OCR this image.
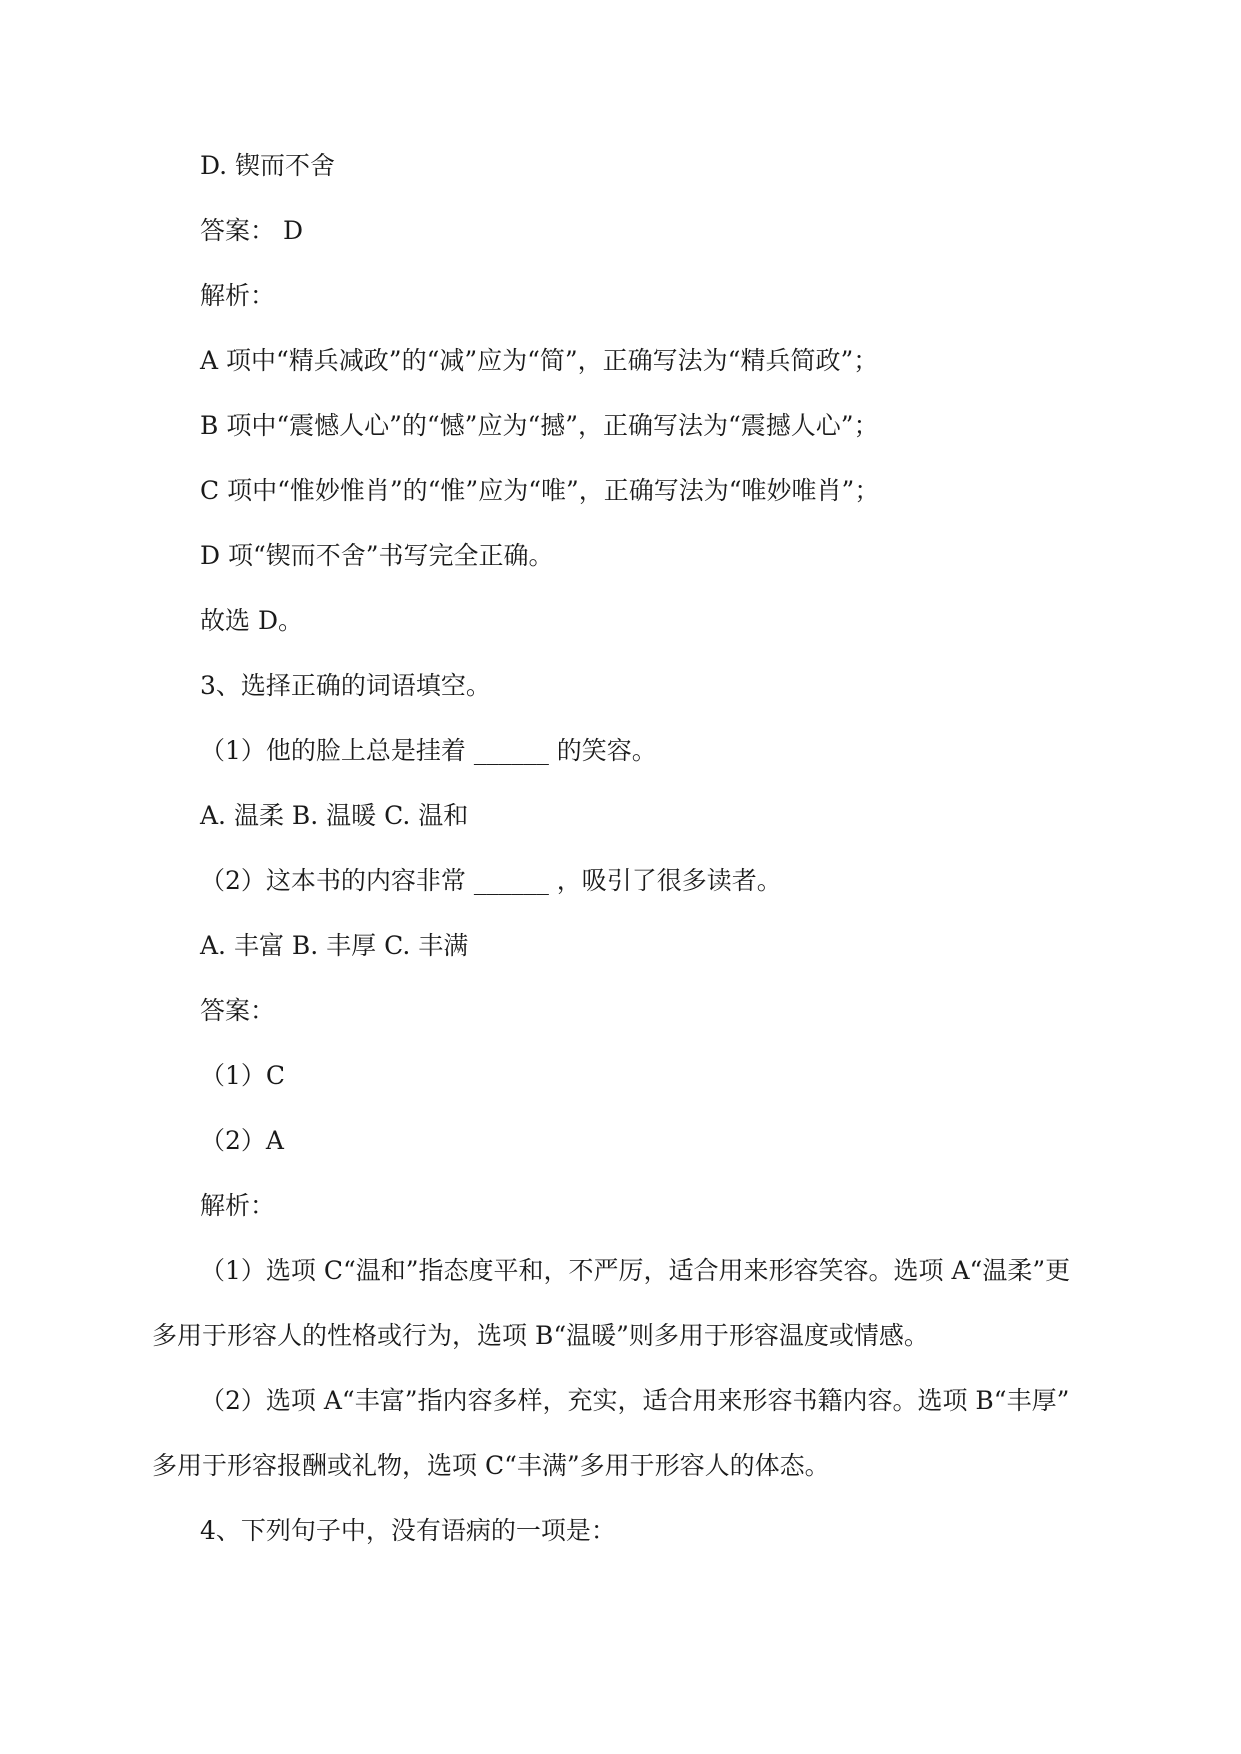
D. 锲而不舍
答案： D
解析：
A 项中“精兵减政”的“减”应为“简”，正确写法为“精兵简政”；
B 项中“震憾人心”的“憾”应为“撼”，正确写法为“震撼人心”；
C 项中“惟妙惟肖”的“惟”应为“唯”，正确写法为“唯妙唯肖”；
D 项“锲而不舍”书写完全正确。
故选 D。
3、选择正确的词语填空。
（1）他的脸上总是挂着 ______ 的笑容。
A. 温柔 B. 温暖 C. 温和
（2）这本书的内容非常 ______ ，吸引了很多读者。
A. 丰富 B. 丰厚 C. 丰满
答案：
（1）C
（2）A
解析：
（1）选项 C“温和”指态度平和，不严厉，适合用来形容笑容。选项 A“温柔”更
多用于形容人的性格或行为，选项 B“温暖”则多用于形容温度或情感。
（2）选项 A“丰富”指内容多样，充实，适合用来形容书籍内容。选项 B“丰厚”
多用于形容报酬或礼物，选项 C“丰满”多用于形容人的体态。
4、下列句子中，没有语病的一项是：
